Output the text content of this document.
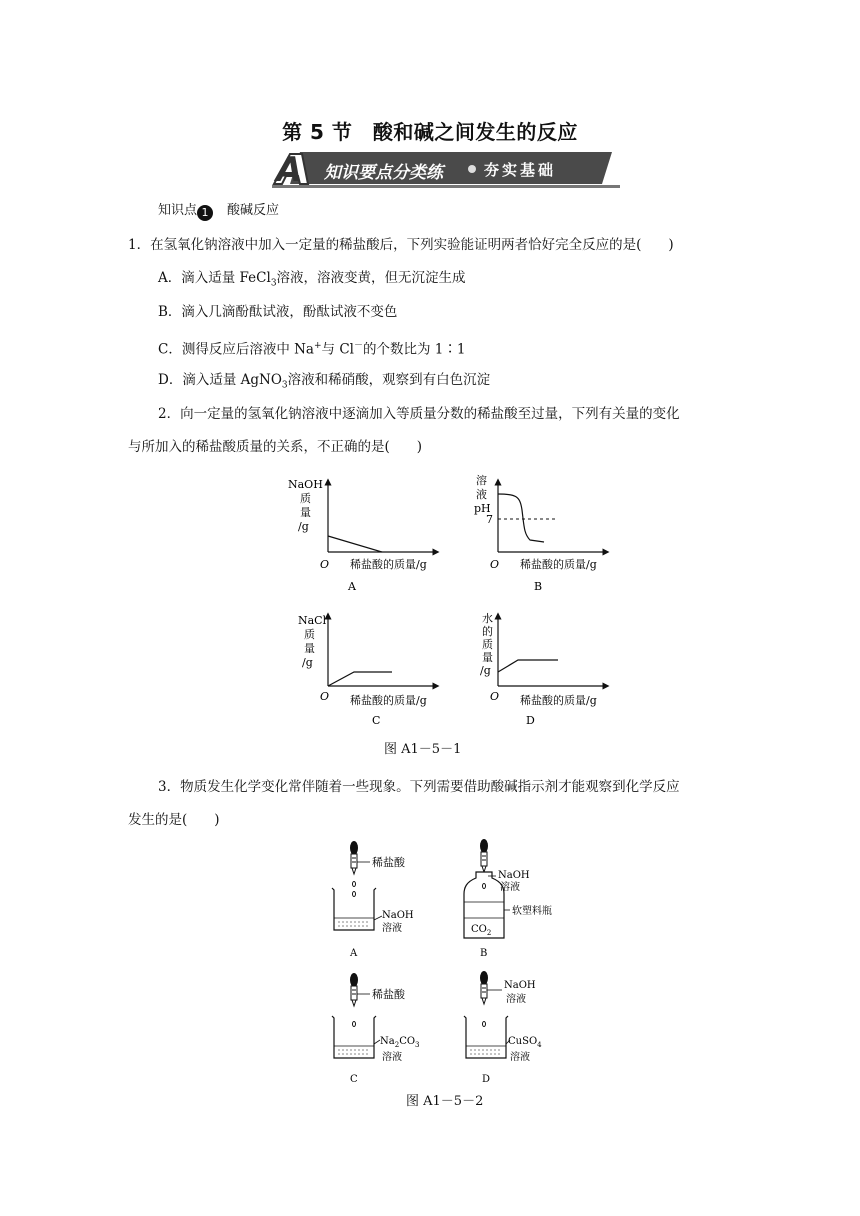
第 5 节　酸和碱之间发生的反应
A 知识要点分类练	夯实基础
知识点 1 酸碱反应
1．在氢氧化钠溶液中加入一定量的稀盐酸后，下列实验能证明两者恰好完全反应的是(　　)
A．滴入适量 FeCl$_3$溶液，溶液变黄，但无沉淀生成
B．滴入几滴酚酞试液，酚酞试液不变色
C．测得反应后溶液中 Na+与 Cl－的个数比为 1∶1
D．滴入适量 AgNO$_3$溶液和稀硝酸，观察到有白色沉淀
2．向一定量的氢氧化钠溶液中逐滴加入等质量分数的稀盐酸至过量，下列有关量的变化
与所加入的稀盐酸质量的关系，不正确的是(　　)
NaOH
质
量
/g
O 稀盐酸的质量/g
A
溶
液
pH
7
O 稀盐酸的质量/g
B
NaCl
质
量
/g
O 稀盐酸的质量/g
C
水
的
质
量
/g
O 稀盐酸的质量/g
D
图 A1－5－1
3．物质发生化学变化常伴随着一些现象。下列需要借助酸碱指示剂才能观察到化学反应
发生的是(　　)
稀盐酸
NaOH
溶液
A
NaOH
溶液
软塑料瓶
$CO_2$
B
稀盐酸
$Na_2CO_3$
溶液
C
NaOH
溶液
CuSO$_4$
溶液
D
图 A1－5－2
